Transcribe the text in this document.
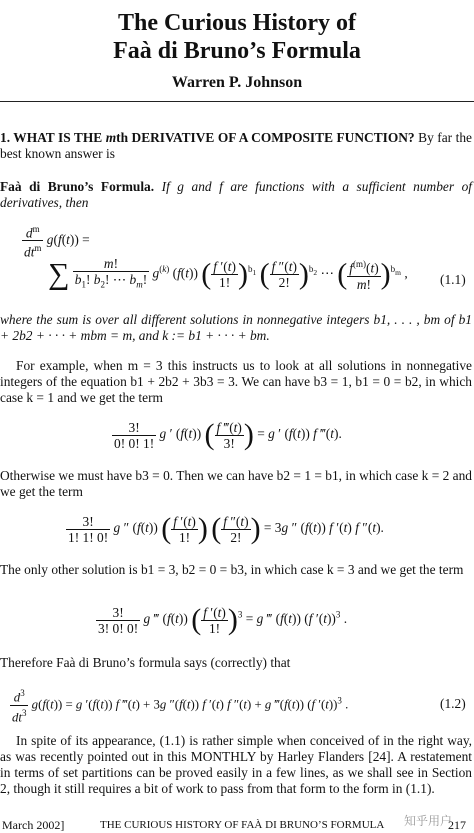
The Curious History of
Faà di Bruno’s Formula
Warren P. Johnson
1. WHAT IS THE mth DERIVATIVE OF A COMPOSITE FUNCTION? By far the best known answer is
Faà di Bruno’s Formula. If g and f are functions with a sufficient number of derivatives, then
$\frac{d^m}{dt^m} g(f(t))$ =
∑ $\frac{m!}{b_1! b_2! \cdots b_m!} g^{(k)}$ (f(t)) ( $\frac{f '(t)}{1!} )^{b_1}$ ( $\frac{f ''(t)}{2!} )^{b_2}$ ⋯ ( $\frac{f^{(m)}(t)}{m!} )^{b_m}$ , (1.1)
where the sum is over all different solutions in nonnegative integers b1, . . . , bm of b1 + 2b2 + · · · + mbm = m, and k := b1 + · · · + bm.
For example, when m = 3 this instructs us to look at all solutions in nonnegative integers of the equation b1 + 2b2 + 3b3 = 3. We can have b3 = 1, b1 = 0 = b2, in which case k = 1 and we get the term
$\frac{3!}{0! 0! 1!}$ g ′ (f(t)) ( $\frac{f ‴(t)}{3!}$ ) = g ′ (f(t)) f ‴(t).
Otherwise we must have b3 = 0. Then we can have b2 = 1 = b1, in which case k = 2 and we get the term
$\frac{3!}{1! 1! 0!}$ g ″ (f(t)) ( $\frac{f '(t)}{1!}$ ) ( $\frac{f ''(t)}{2!}$ ) = 3g ″ (f(t)) f ′(t) f ″(t).
The only other solution is b1 = 3, b2 = 0 = b3, in which case k = 3 and we get the term
$\frac{3!}{3! 0! 0!}$ g ‴ (f(t)) ( $\frac{f '(t)}{1!} )^3 = g$ ‴ (f(t)) (f ′(t))$^3$ .
Therefore Faà di Bruno’s formula says (correctly) that
$\frac{d^3}{dt^3} g(f(t)) = g$ ′(f(t)) f ‴(t) + 3g ″(f(t)) f ′(t) f ″(t) + g ‴(f(t)) (f ′(t))$^3$ .	(1.2)
In spite of its appearance, (1.1) is rather simple when conceived of in the right way, as was recently pointed out in this MONTHLY by Harley Flanders [24]. A restatement in terms of set partitions can be proved easily in a few lines, as we shall see in Section 2, though it still requires a bit of work to pass from that form to the form in (1.1).
March 2002]	THE CURIOUS HISTORY OF FAÀ DI BRUNO’S FORMULA	217
知乎用户
